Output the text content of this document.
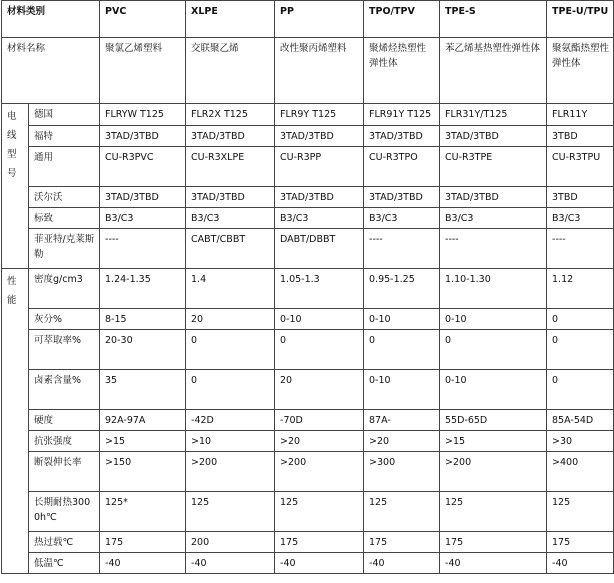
材料类别		PVC	XLPE	PP	TPO/TPV	TPE-S	TPE-U/TPU
材料名称		聚氯乙烯塑料	交联聚乙烯	改性聚丙烯塑料	聚烯烃热塑性弹性体	苯乙烯基热塑性弹性体	聚氨酯热塑性弹性体

电线型号	德国	FLRYW T125	FLR2X T125	FLR9Y T125	FLR91Y T125	FLR31Y/T125	FLR11Y
	福特	3TAD/3TBD	3TAD/3TBD	3TAD/3TBD	3TAD/3TBD	3TAD/3TBD	3TBD
	通用	CU-R3PVC	CU-R3XLPE	CU-R3PP	CU-R3TPO	CU-R3TPE	CU-R3TPU
	沃尔沃	3TAD/3TBD	3TAD/3TBD	3TAD/3TBD	3TAD/3TBD	3TAD/3TBD	3TBD
	标致	B3/C3	B3/C3	B3/C3	B3/C3	B3/C3	B3/C3
	菲亚特/克莱斯勒	----	CABT/CBBT	DABT/DBBT	----	----	----

性能	密度g/cm3	1.24-1.35	1.4	1.05-1.3	0.95-1.25	1.10-1.30	1.12
	灰分%	8-15	20	0-10	0-10	0-10	0
	可萃取率%	20-30	0	0	0	0	0
	卤素含量%	35	0	20	0-10	0-10	0
	硬度	92A-97A	-42D	-70D	87A-	55D-65D	85A-54D
	抗张强度	>15	>10	>20	>20	>15	>30
	断裂伸长率	>150	>200	>200	>300	>200	>400
	长期耐热3000h℃	125*	125	125	125	125	125
	热过载℃	175	200	175	175	175	175
	低温℃	-40	-40	-40	-40	-40	-40
